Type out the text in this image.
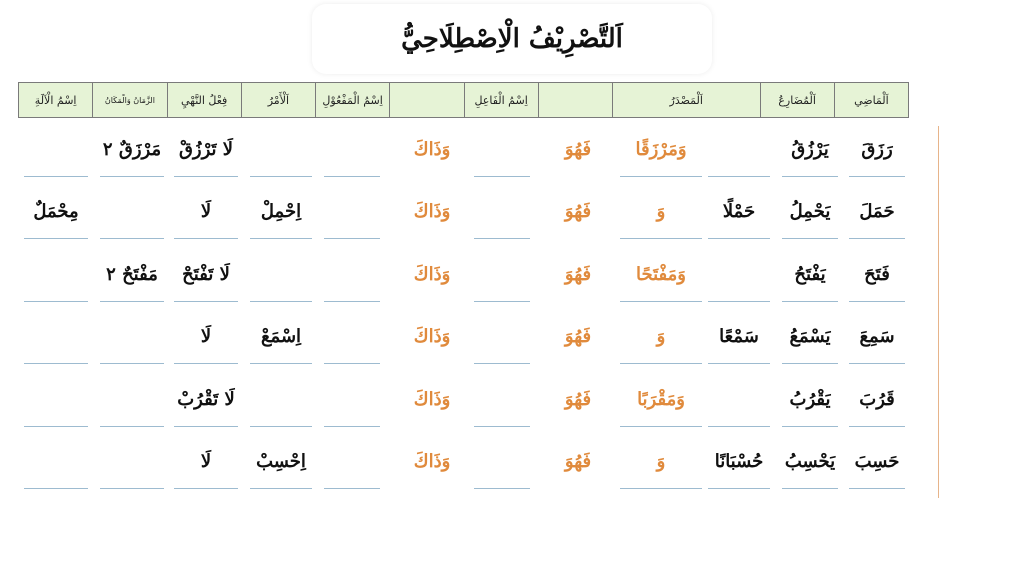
اَلتَّصْرِيْفُ الْاِصْطِلَاحِيُّ
اَلْمَاضِي
اَلْمُضَارِعُ
اَلْمَصْدَرُ
اِسْمُ الْفَاعِلِ
اِسْمُ الْمَفْعُوْلِ
اَلْأَمْرُ
فِعْلُ النَّهْيِ
الزَّمَانُ وَالْمَكَانُ
اِسْمُ الْآلَةِ
رَزَقَ
يَرْزُقُ
وَمَرْزَقًا
فَهُوَ
وَذَاكَ
لَا تَرْزُقْ
مَرْزَقٌ ٢
حَمَلَ
يَحْمِلُ
حَمْلًا
وَ
فَهُوَ
وَذَاكَ
اِحْمِلْ
لَا
مِحْمَلٌ
فَتَحَ
يَفْتَحُ
وَمَفْتَحًا
فَهُوَ
وَذَاكَ
لَا تَفْتَحْ
مَفْتَحٌ ٢
سَمِعَ
يَسْمَعُ
سَمْعًا
وَ
فَهُوَ
وَذَاكَ
اِسْمَعْ
لَا
قَرُبَ
يَقْرُبُ
وَمَقْرَبًا
فَهُوَ
وَذَاكَ
لَا تَقْرُبْ
حَسِبَ
يَحْسِبُ
حُسْبَانًا
وَ
فَهُوَ
وَذَاكَ
اِحْسِبْ
لَا
